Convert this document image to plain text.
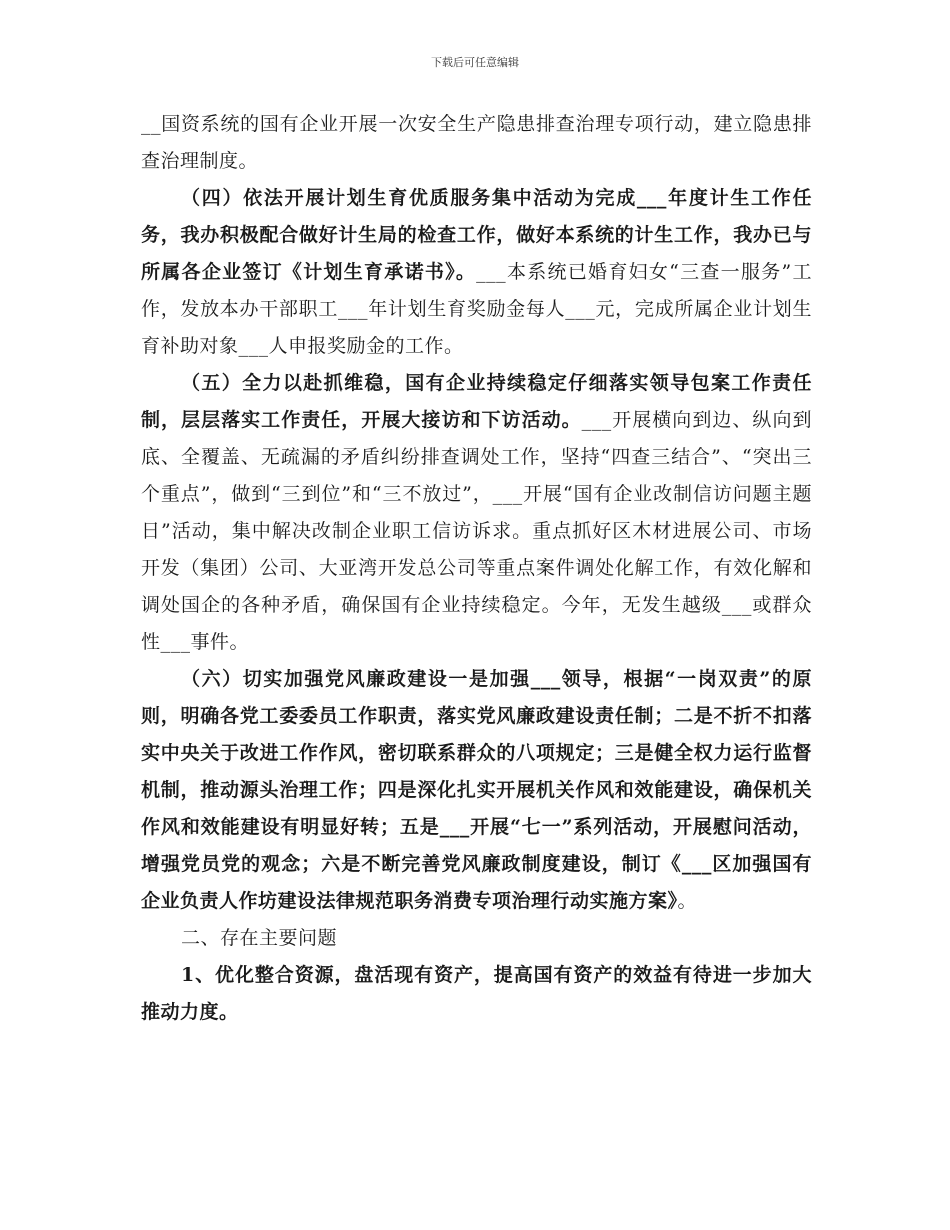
下载后可任意编辑

__国资系统的国有企业开展一次安全生产隐患排查治理专项行动，建立隐患排查治理制度。

（四）依法开展计划生育优质服务集中活动为完成___年度计生工作任务，我办积极配合做好计生局的检查工作，做好本系统的计生工作，我办已与所属各企业签订《计划生育承诺书》。___本系统已婚育妇女“三查一服务”工作，发放本办干部职工___年计划生育奖励金每人___元，完成所属企业计划生育补助对象___人申报奖励金的工作。

（五）全力以赴抓维稳，国有企业持续稳定仔细落实领导包案工作责任制，层层落实工作责任，开展大接访和下访活动。___开展横向到边、纵向到底、全覆盖、无疏漏的矛盾纠纷排查调处工作，坚持“四查三结合”、“突出三个重点”，做到“三到位”和“三不放过”，___开展“国有企业改制信访问题主题日”活动，集中解决改制企业职工信访诉求。重点抓好区木材进展公司、市场开发（集团）公司、大亚湾开发总公司等重点案件调处化解工作，有效化解和调处国企的各种矛盾，确保国有企业持续稳定。今年，无发生越级___或群众性___事件。

（六）切实加强党风廉政建设一是加强___领导，根据“一岗双责”的原则，明确各党工委委员工作职责，落实党风廉政建设责任制；二是不折不扣落实中央关于改进工作作风，密切联系群众的八项规定；三是健全权力运行监督机制，推动源头治理工作；四是深化扎实开展机关作风和效能建设，确保机关作风和效能建设有明显好转；五是___开展“七一”系列活动，开展慰问活动，增强党员党的观念；六是不断完善党风廉政制度建设，制订《___区加强国有企业负责人作坊建设法律规范职务消费专项治理行动实施方案》。

二、存在主要问题

1、优化整合资源，盘活现有资产，提高国有资产的效益有待进一步加大推动力度。
